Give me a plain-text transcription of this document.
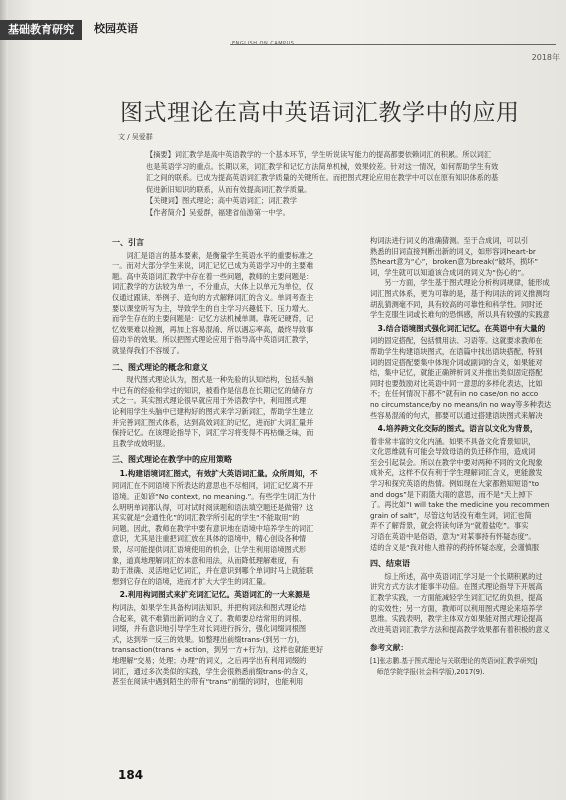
基础教育研究	校园英语
ENGLISH ON CAMPUS
2018年
图式理论在高中英语词汇教学中的应用
文 / 吴爱群

【摘要】词汇教学是高中英语教学的一个基本环节，学生听说读写能力的提高都要依赖词汇的积累。所以词汇

也是英语学习的重点。长期以来，词汇教学和记忆方法简单机械，效果较差。针对这一情况，如何帮助学生有效

汇之间的联系。已成为提高英语词汇教学质量的关键所在。而把图式理论应用在教学中可以在原有知识体系的基

促进新旧知识的联系，从而有效提高词汇教学质量。

【关键词】图式理论；高中英语词汇；词汇教学

【作者简介】吴爱群，福建省仙游第一中学。

一、引言

　　词汇是语言的基本要素，是衡量学生英语水平的重要标准之

一。而对大部分学生来说，词汇记忆已成为英语学习中的主要难

题。高中英语词汇教学中存在着一些问题，教师的主要问题是：

词汇教学的方法较为单一，不分重点，大体上以单元为单位，仅

仅通过跟读、举例子、造句的方式解释词汇的含义。单词考查主

要以课堂听写为主，导致学生的自主学习兴趣低下、压力增大。

而学生存在的主要问题是：记忆方法机械单调。靠死记硬背，记

忆效果难以检测，再加上容易混淆、所以遇忘率高，最终导致事

倍功半的效果。所以把图式理论应用于指导高中英语词汇教学，

就显得我们不容缓了。

二、图式理论的概念和意义

　　现代图式理论认为，图式是一种先验的认知结构，包括头脑

中已有的经验和学过的知识，被看作是信息在长期记忆的储存方

式之一。其实图式理论很早就应用于外语教学中，利用图式理

论利用学生头脑中已建构好的图式来学习新词汇，帮助学生建立

并完善词汇图式体系，达到高效词汇的记忆，进而扩大词汇量并

保持记忆。在该理论指导下，词汇学习将变得不再枯燥乏味，而

且教学成效明显。

三、图式理论在教学中的应用策略

　1.构建语境词汇图式，有效扩大英语词汇量。众所周知，不

同词汇在不同语境下所表达的意思也不尽相同，词汇记忆离不开

语境。正如谚“No context, no meaning.”。有些学生词汇为什

么明明单词都认得，可对试时阅读题和语法填空题还是做错？这

其实就是“会通性化”的词汇教学所引起的学生“不能取用”的

问题。因此，教师在教学中要有意识地在语境中培养学生的词汇

意识，尤其是注重把词汇放在具体的语境中，精心创设各种情

景，尽可能提供词汇语境使用的机会，让学生利用语境图式形

象，道真地理解词汇的本意和用法，从而降低理解难度，有

助于准确、灵活地记忆词汇，并在意识到哪个单词时马上就能联

想到它存在的语境，进而才扩大大学生的词汇量。

　2.利用构词图式来扩充词汇记忆。英语词汇的一大来源是

构词法，如果学生具备构词法知识，并把构词法和图式理论结

合起来，就不难猜出新词的含义了。教师要总结常用的词根、

词缀，并有意识地引导学生对长词进行拆分，强化词缀词根图

式，达到举一反三的效果。如整理出前缀trans-(到另一方)，

transaction(trans + action，到另一方+行为)，这样也就能更好

地理解“交易；处理；办理”的词义，之后再学出有利用词缀的

词汇，通过多次类似的实践，学生会很熟悉前缀trans-的含义，

甚至在阅读中遇到陌生的带有“trans”前缀的词时，也能利用

构词法进行词义的准确猜测。至于合成词，可以引

熟悉的旧词直接判断出新的词义，如形容词heart-br

然heart意为“心”，broken意为break(“破坏，损坏”

词，学生就可以知道该合成词的词义为“伤心的”。

　　另一方面，学生基于图式理论分析构词规律，能形成

词汇图式体系，更为可靠的是，基于构词法的词义推测均

胡乱猜测毫不同，具有较高的可靠性和科学性。同时还

学生克服生词或长难句的恐惧感，所以具有较强的实践意

　3.结合语境图式强化词汇记忆。在英语中有大量的

词的固定搭配，包括惯用法、习语等。这就要求教师在

帮助学生构建语块图式，在语篇中找出语块搭配，特别

词的固定搭配要集中体现介词或副词的含义，如果能对

结，集中记忆，就能正确辨析词义并推出类似固定搭配

同时也要鼓励对比英语中同一意思的多样化表达，比如

不；在任何情况下都不”就有in no case/on no acco

no circumstance/by no means/in no way等多种表达

些容易混淆的句式，都要可以通过搭建语块图式来解决

　4.培养跨文化交际的图式。语言以文化为背景，

着非常丰富的文化内涵。如果不具备文化背景知识，

文化思维就有可能会导致母语的负迁移作用，造成词

至会引起误会。所以在教学中要对两种不同的文化现象

成补充，这样不仅有利于学生理解词汇含义，更能激发

学习和探究英语的热情。例如现在大家都熟知短语“to

and dogs”是下雨篮大雨的意思，而不是“天上掉下

了。再比如“I will take the medicine you recommen

grain of salt”，尽管这句话没有难生词，词汇也简

弄不了解背景，就会将读句译为“就着盐吃”。事实

习语在英语中是俗语，意为“对某事持有怀疑态度”。

适的含义是“我对他人推荐的药持怀疑态度，会谨慎服

四、结束语

　　综上所述，高中英语词汇学习是一个长期积累的过

讲究方式方法才能事半功倍。在图式理论指导下开展高

汇教学实践，一方面能减轻学生词汇记忆的负担，提高

的实效性；另一方面，教师可以利用图式理论来培养学

思维。实践表明，教学主体双方如果能对图式理论提高

改进英语词汇教学方法和提高教学效果都有着积极的意义

参考文献：

[1]张志鹏.基于图式理论与关联理论的英语词汇教学研究[J

　师范学院学报(社会科学版),2017(9).

184
